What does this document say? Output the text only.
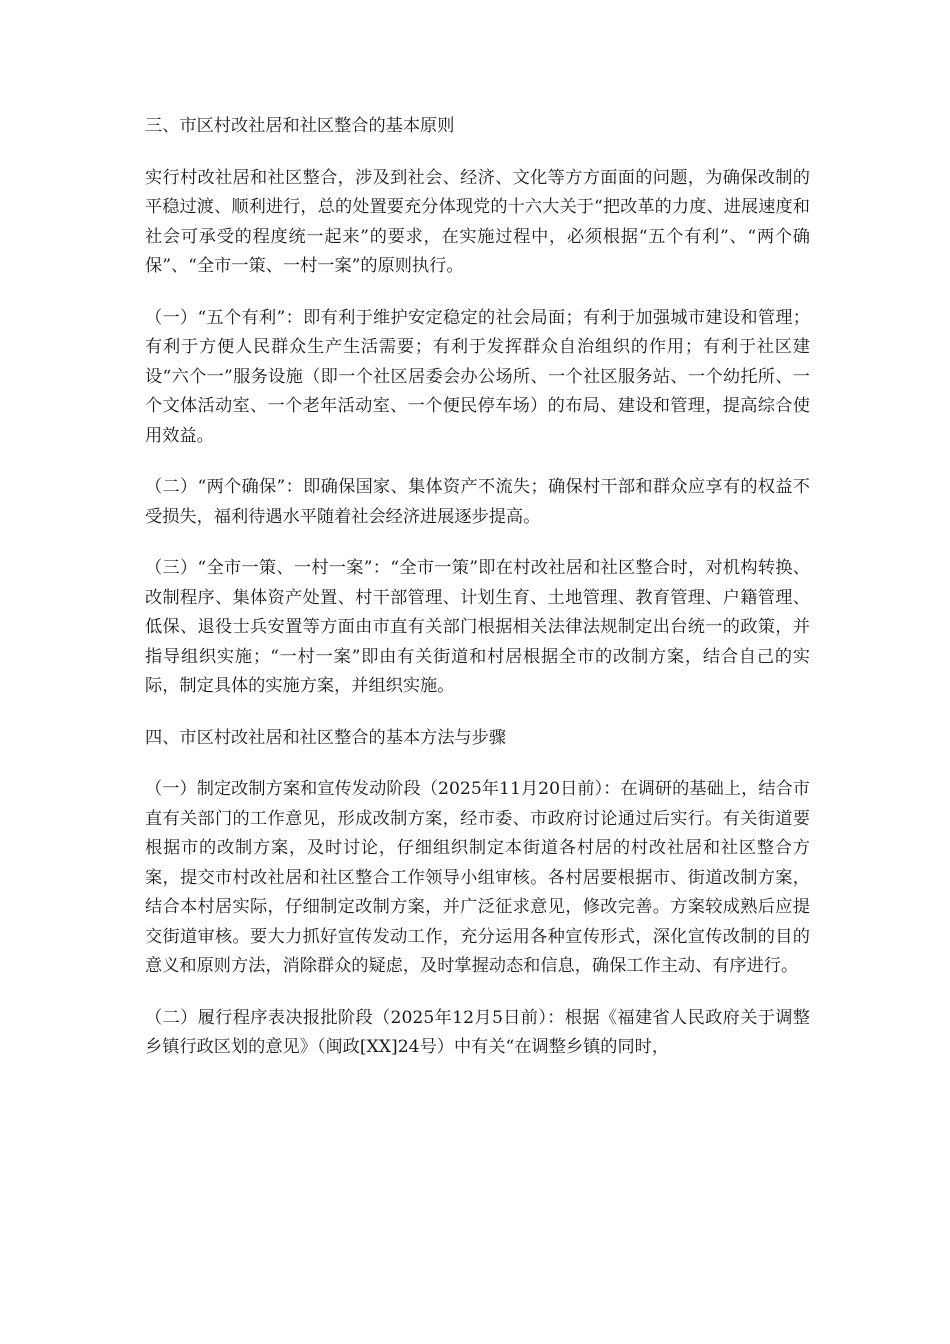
三、市区村改社居和社区整合的基本原则

实行村改社居和社区整合，涉及到社会、经济、文化等方方面面的问题，为确保改制的平稳过渡、顺利进行，总的处置要充分体现党的十六大关于“把改革的力度、进展速度和社会可承受的程度统一起来”的要求，在实施过程中，必须根据“五个有利”、“两个确保”、“全市一策、一村一案”的原则执行。

（一）“五个有利”：即有利于维护安定稳定的社会局面；有利于加强城市建设和管理；有利于方便人民群众生产生活需要；有利于发挥群众自治组织的作用；有利于社区建设“六个一”服务设施（即一个社区居委会办公场所、一个社区服务站、一个幼托所、一个文体活动室、一个老年活动室、一个便民停车场）的布局、建设和管理，提高综合使用效益。

（二）“两个确保”：即确保国家、集体资产不流失；确保村干部和群众应享有的权益不受损失，福利待遇水平随着社会经济进展逐步提高。

（三）“全市一策、一村一案”：“全市一策”即在村改社居和社区整合时，对机构转换、改制程序、集体资产处置、村干部管理、计划生育、土地管理、教育管理、户籍管理、低保、退役士兵安置等方面由市直有关部门根据相关法律法规制定出台统一的政策，并指导组织实施；“一村一案”即由有关街道和村居根据全市的改制方案，结合自己的实际，制定具体的实施方案，并组织实施。

四、市区村改社居和社区整合的基本方法与步骤

（一）制定改制方案和宣传发动阶段（2025年11月20日前）：在调研的基础上，结合市直有关部门的工作意见，形成改制方案，经市委、市政府讨论通过后实行。有关街道要根据市的改制方案，及时讨论，仔细组织制定本街道各村居的村改社居和社区整合方案，提交市村改社居和社区整合工作领导小组审核。各村居要根据市、街道改制方案，结合本村居实际，仔细制定改制方案，并广泛征求意见，修改完善。方案较成熟后应提交街道审核。要大力抓好宣传发动工作，充分运用各种宣传形式，深化宣传改制的目的意义和原则方法，消除群众的疑虑，及时掌握动态和信息，确保工作主动、有序进行。

（二）履行程序表决报批阶段（2025年12月5日前）：根据《福建省人民政府关于调整乡镇行政区划的意见》（闽政[XX]24号）中有关“在调整乡镇的同时，
